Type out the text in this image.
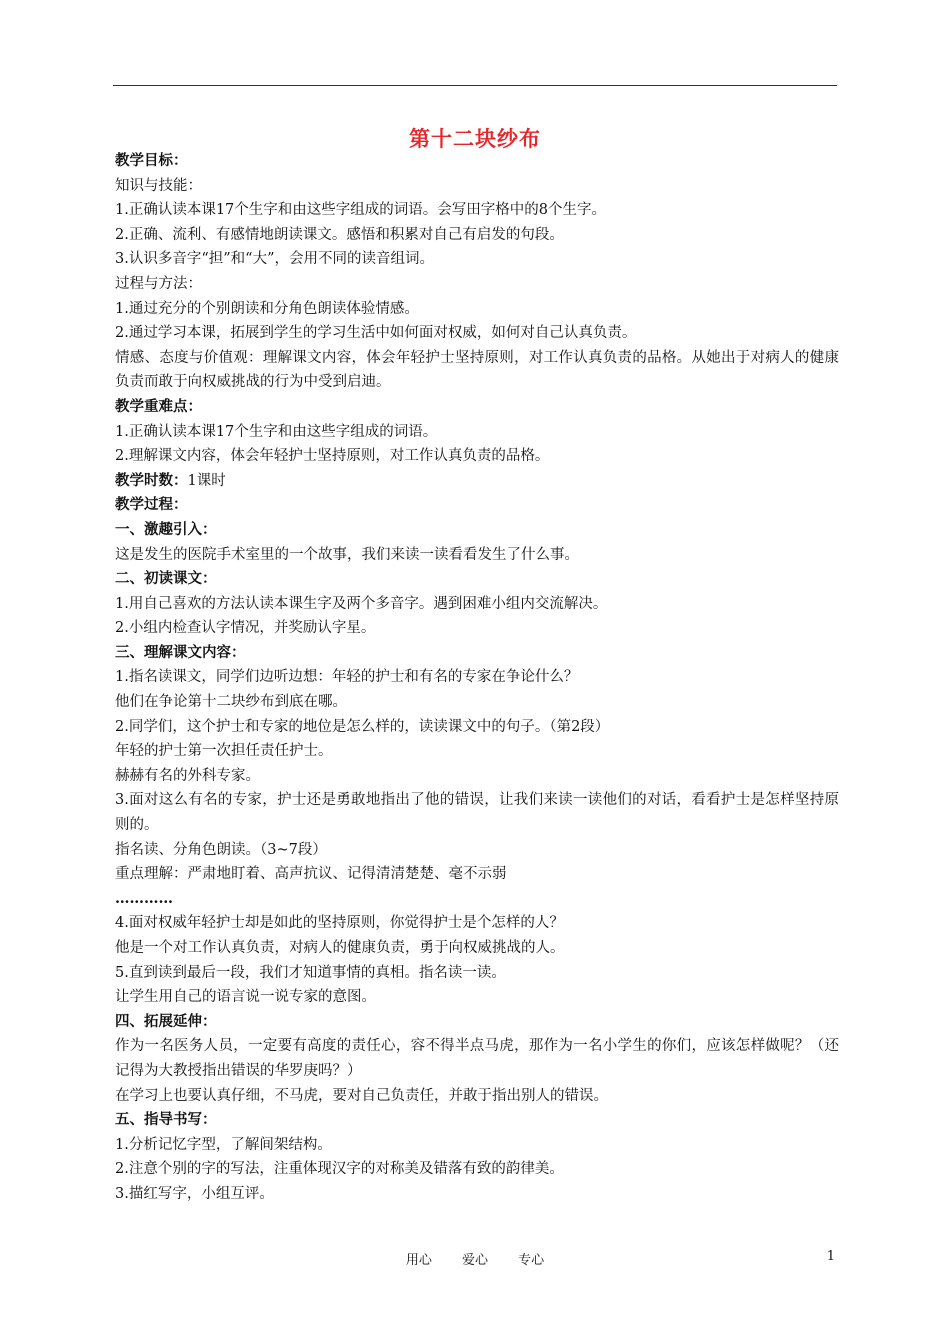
第十二块纱布
教学目标：
知识与技能：
1.正确认读本课17个生字和由这些字组成的词语。会写田字格中的8个生字。
2.正确、流利、有感情地朗读课文。感悟和积累对自己有启发的句段。
3.认识多音字“担”和“大”，会用不同的读音组词。
过程与方法：
1.通过充分的个别朗读和分角色朗读体验情感。
2.通过学习本课，拓展到学生的学习生活中如何面对权威，如何对自己认真负责。
情感、态度与价值观：理解课文内容，体会年轻护士坚持原则，对工作认真负责的品格。从她出于对病人的健康负责而敢于向权威挑战的行为中受到启迪。
教学重难点：
1.正确认读本课17个生字和由这些字组成的词语。
2.理解课文内容，体会年轻护士坚持原则，对工作认真负责的品格。
教学时数：1课时
教学过程：
一、激趣引入：
这是发生的医院手术室里的一个故事，我们来读一读看看发生了什么事。
二、初读课文：
1.用自己喜欢的方法认读本课生字及两个多音字。遇到困难小组内交流解决。
2.小组内检查认字情况，并奖励认字星。
三、理解课文内容：
1.指名读课文，同学们边听边想：年轻的护士和有名的专家在争论什么？
他们在争论第十二块纱布到底在哪。
2.同学们，这个护士和专家的地位是怎么样的，读读课文中的句子。（第2段）
年轻的护士第一次担任责任护士。
赫赫有名的外科专家。
3.面对这么有名的专家，护士还是勇敢地指出了他的错误，让我们来读一读他们的对话，看看护士是怎样坚持原则的。
指名读、分角色朗读。（3~7段）
重点理解：严肃地盯着、高声抗议、记得清清楚楚、毫不示弱
…………
4.面对权威年轻护士却是如此的坚持原则，你觉得护士是个怎样的人？
他是一个对工作认真负责，对病人的健康负责，勇于向权威挑战的人。
5.直到读到最后一段，我们才知道事情的真相。指名读一读。
让学生用自己的语言说一说专家的意图。
四、拓展延伸：
作为一名医务人员，一定要有高度的责任心，容不得半点马虎，那作为一名小学生的你们，应该怎样做呢？（还记得为大教授指出错误的华罗庚吗？）
在学习上也要认真仔细，不马虎，要对自己负责任，并敢于指出别人的错误。
五、指导书写：
1.分析记忆字型，了解间架结构。
2.注意个别的字的写法，注重体现汉字的对称美及错落有致的韵律美。
3.描红写字，小组互评。
用心 爱心 专心	1
